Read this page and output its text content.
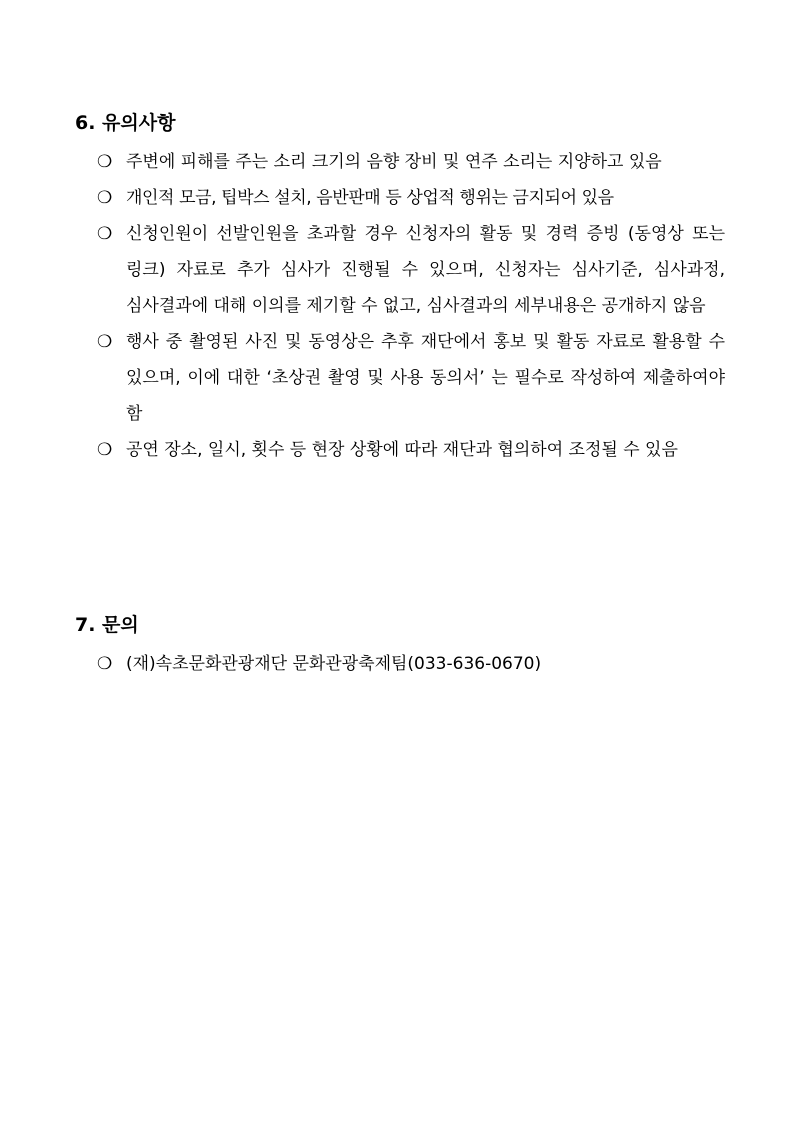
6. 유의사항
❍ 주변에 피해를 주는 소리 크기의 음향 장비 및 연주 소리는 지양하고 있음
❍ 개인적 모금, 팁박스 설치, 음반판매 등 상업적 행위는 금지되어 있음
❍ 신청인원이 선발인원을 초과할 경우 신청자의 활동 및 경력 증빙 (동영상 또는 링크) 자료로 추가 심사가 진행될 수 있으며, 신청자는 심사기준, 심사과정, 심사결과에 대해 이의를 제기할 수 없고, 심사결과의 세부내용은 공개하지 않음
❍ 행사 중 촬영된 사진 및 동영상은 추후 재단에서 홍보 및 활동 자료로 활용할 수 있으며, 이에 대한 ‘초상권 촬영 및 사용 동의서’ 는 필수로 작성하여 제출하여야 함
❍ 공연 장소, 일시, 횟수 등 현장 상황에 따라 재단과 협의하여 조정될 수 있음
7. 문의
❍ (재)속초문화관광재단 문화관광축제팀(033-636-0670)
